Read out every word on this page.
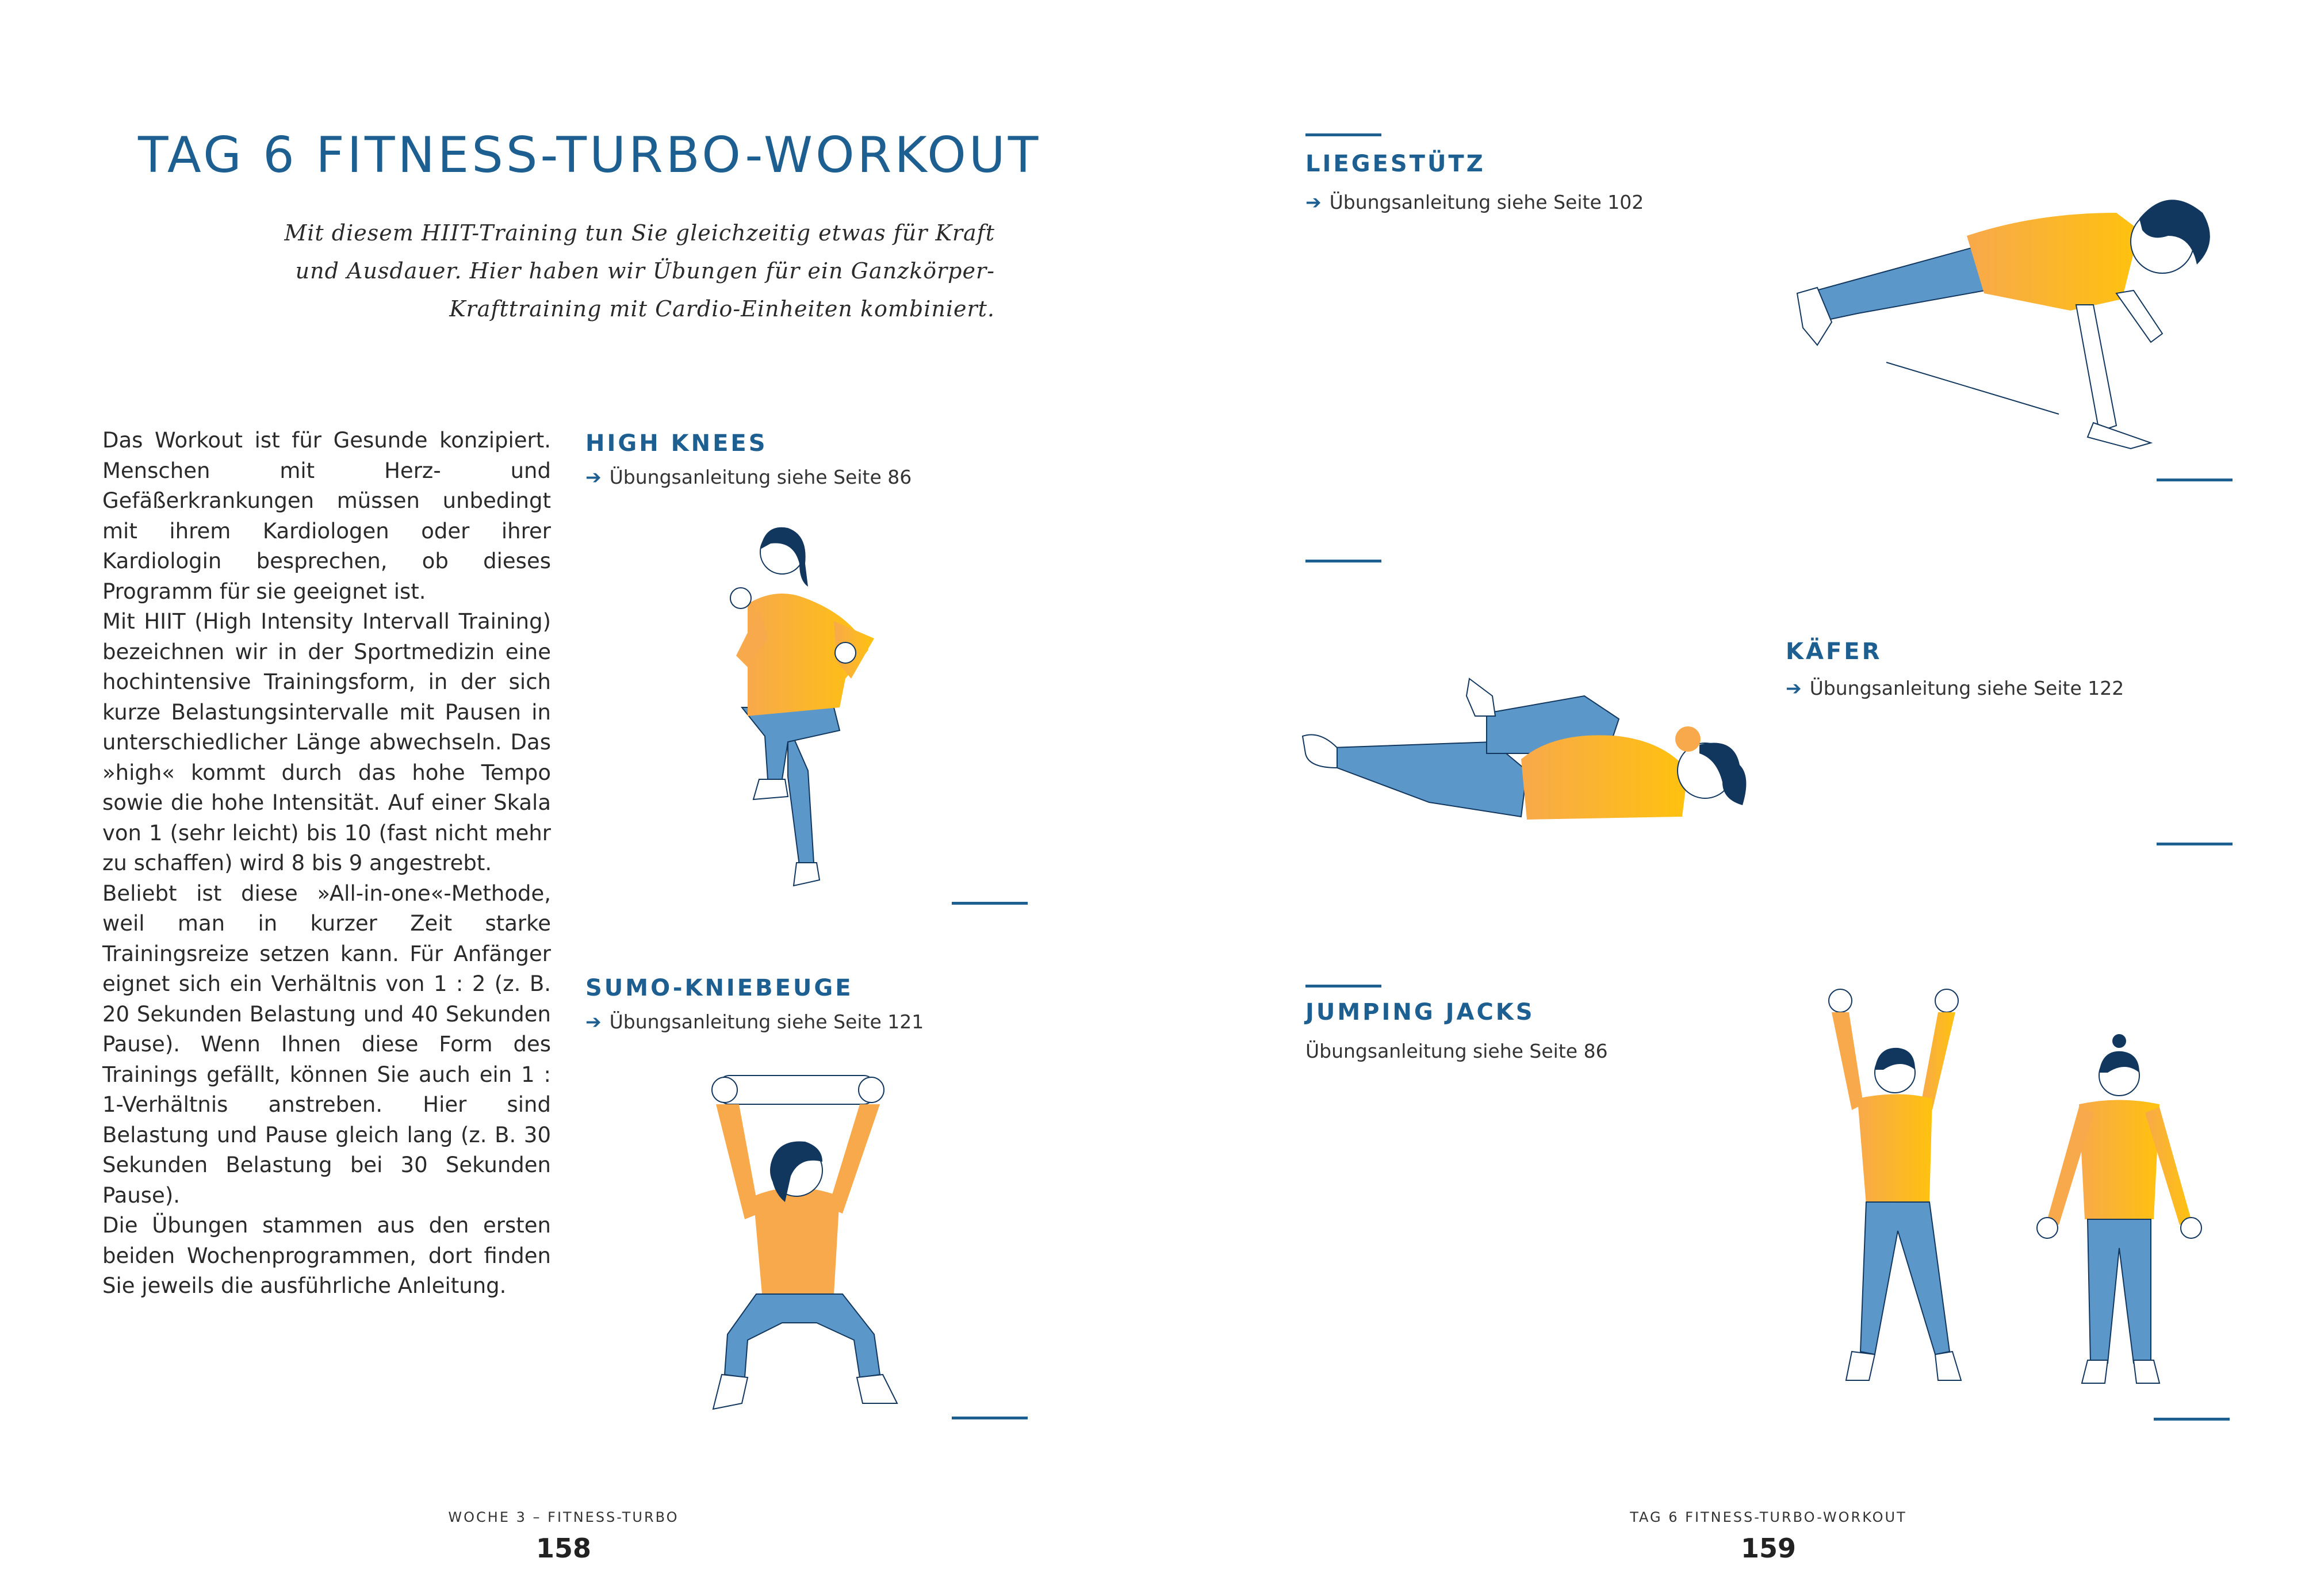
TAG 6 FITNESS-TURBO-WORKOUT
Mit diesem HIIT-Training tun Sie gleichzeitig etwas für Kraft
und Ausdauer. Hier haben wir Übungen für ein Ganzkörper-
Krafttraining mit Cardio-Einheiten kombiniert.

Das Workout ist für Gesunde konzipiert. Menschen mit Herz- und Gefäßerkrankungen müssen unbedingt mit ihrem Kardiologen oder ihrer Kardiologin besprechen, ob dieses Programm für sie geeignet ist.

Mit HIIT (High Intensity Intervall Training) bezeichnen wir in der Sportmedizin eine hochintensive Trainingsform, in der sich kurze Belastungsintervalle mit Pausen in unterschiedlicher Länge abwechseln. Das »high« kommt durch das hohe Tempo sowie die hohe Intensität. Auf einer Skala von 1 (sehr leicht) bis 10 (fast nicht mehr zu schaffen) wird 8 bis 9 angestrebt.

Beliebt ist diese »All-in-one«-Methode, weil man in kurzer Zeit starke Trainingsreize setzen kann. Für Anfänger eignet sich ein Verhältnis von 1 : 2 (z. B. 20 Sekunden Belastung und 40 Sekunden Pause). Wenn Ihnen diese Form des Trainings gefällt, können Sie auch ein 1 : 1-Verhältnis anstreben. Hier sind Belastung und Pause gleich lang (z. B. 30 Sekunden Belastung bei 30 Sekunden Pause).

Die Übungen stammen aus den ersten beiden Wochenprogrammen, dort finden Sie jeweils die ausführliche Anleitung.

HIGH KNEES
➔ Übungsanleitung siehe Seite 86
SUMO-KNIEBEUGE
➔ Übungsanleitung siehe Seite 121
WOCHE 3 – FITNESS-TURBO
158
LIEGESTÜTZ
➔ Übungsanleitung siehe Seite 102
KÄFER
➔ Übungsanleitung siehe Seite 122
JUMPING JACKS
Übungsanleitung siehe Seite 86
TAG 6 FITNESS-TURBO-WORKOUT
159
